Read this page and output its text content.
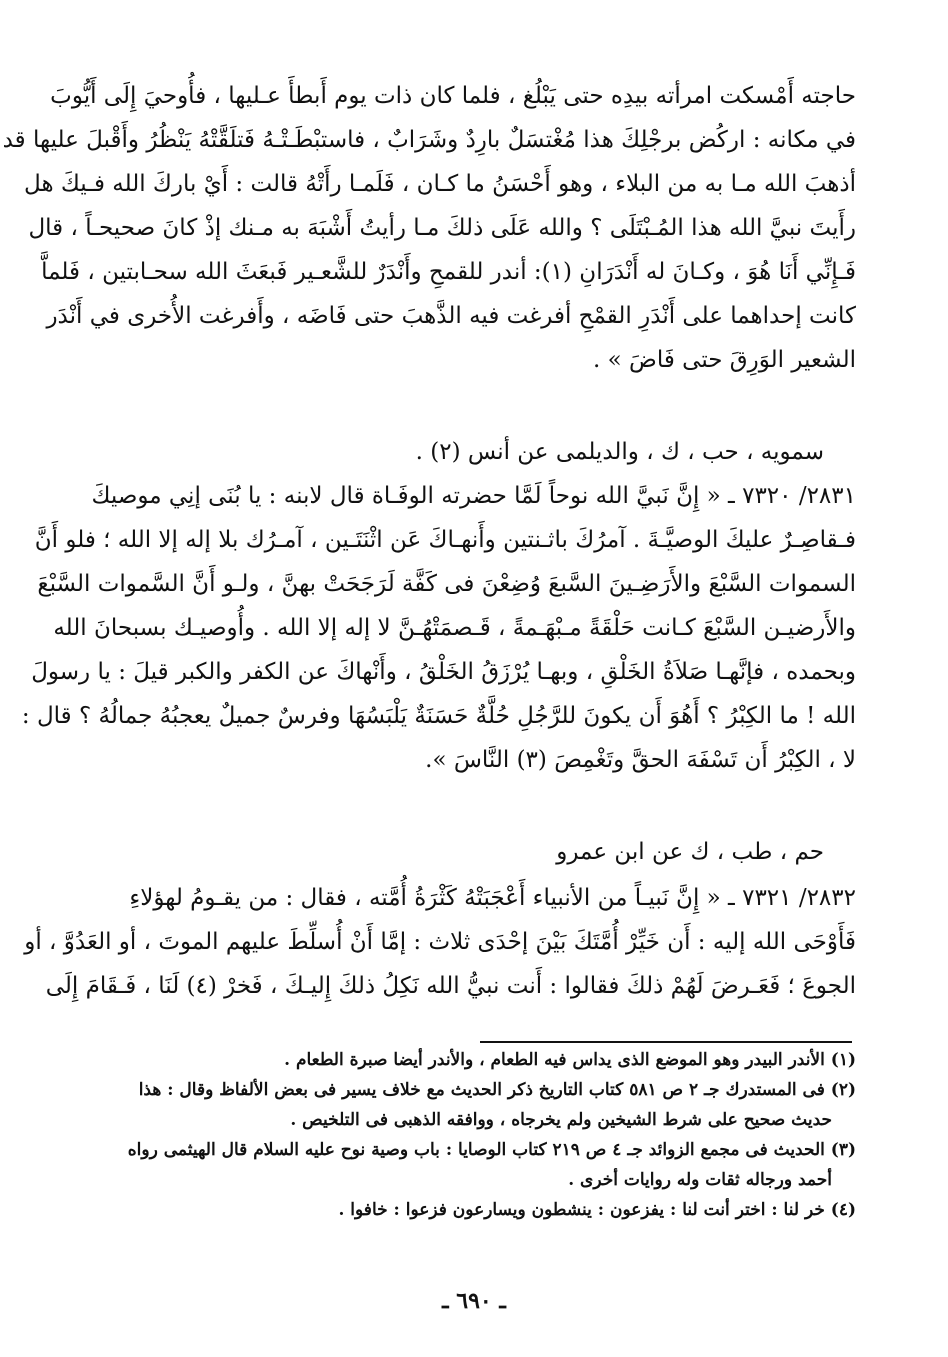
حاجته أَمْسكت امرأته بيدِه حتى يَبْلُغ ، فلما كان ذات يوم أَبطأَ عـليها ، فأُوحيَ إِلَى أَيُّوبَ
في مكانه : اركُض برجْلِكَ هذا مُغْتسَلٌ بارِدٌ وشَرَابٌ ، فاستبْطَـتْـهُ فَتلَقَّتْهُ يَنْظُرُ وأَقْبلَ عليها قد
أذهبَ الله مـا به من البلاء ، وهو أَحْسَنُ ما كـان ، فَلَمـا رأَتْهُ قالت : أَيْ باركَ الله فـيكَ هل
رأَيتَ نبيَّ الله هذا المُـبْتَلَى ؟ والله عَلَى ذلكَ مـا رأيتُ أَشْبَهَ به مـنك إذْ كانَ صحيحـاً ، قال
فَـإِنِّي أَنَا هُوَ ، وكـانَ له أَنْدَرَانِ (١): أندر للقمحِ وأَنْدَرٌ للشَّعـير فَبعَثَ الله سحـابتين ، فَلماَّ
كانت إحداهما على أَنْدَرِ القمْحِ أفرغت فيه الذَّهبَ حتى فَاضَه ، وأَفرغت الأُخرى في أَنْدَر
الشعير الوَرِقَ حتى فَاضَ » .
سمويه ، حب ، ك ، والديلمى عن أنس (٢) .
٢٨٣١/ ٧٣٢٠ ـ « إِنَّ نَبيَّ الله نوحاً لَمَّا حضرته الوفَـاة قال لابنه : يا بُنَى إنِي موصيكَ
فـقاصِـرٌ عليكَ الوصيَّـةَ . آمرُكَ باثـنتين وأَنهـاكَ عَن اثْنَتَـين ، آمـرُك بلا إله إلا الله ؛ فلو أَنَّ
السموات السَّبْعَ والأَرَضِـينَ السَّبعَ وُضِعْنَ فى كَفَّة لَرَجَحَتْ بهنَّ ، ولـو أَنَّ السَّموات السَّبْعَ
والأَرضيـن السَّبْعَ كـانت حَلْقَةً مـبْهَـمةً ، قَـصمَتْهُـنَّ لا إله إلا الله . وأُوصيـك بسبحانَ الله
وبحمده ، فإنَّهـا صَلاَةُ الخَلْقِ ، وبهـا يُرْزَقُ الخَلْقُ ، وأَنْهاكَ عن الكفر والكبر قيلَ : يا رسولَ
الله ! ما الكِبْرُ ؟ أَهُوَ أَن يكونَ للرَّجُلِ حُلَّةٌ حَسَنَةٌ يَلْبَسُهَا وفرسٌ جميلٌ يعجبُهُ جمالُهُ ؟ قال :
لا ، الكِبْرُ أَن تَسْفَهَ الحقَّ وتَغْمِصَ (٣) النَّاسَ ».
حم ، طب ، ك عن ابن عمرو
٢٨٣٢/ ٧٣٢١ ـ « إِنَّ نَبيـاً من الأنبياء أَعْجَبَتْهُ كَثْرَةُ أُمَّته ، فقال : من يقـومُ لهؤلاءِ
فَأَوْحَى الله إليه : أَن خَيِّرْ أُمَّتَكَ بَيْنَ إحْدَى ثلاث : إمَّا أَنْ أُسلِّطَ عليهم الموتَ ، أو العَدُوَّ ، أو
الجوعَ ؛ فَعَـرضَ لَهُمْ ذلكَ فقالوا : أَنت نبيُّ الله نَكِلُ ذلكَ إِليـكَ ، فَخرْ (٤) لَنَا ، فَـقَامَ إِلَى
(١) الأندر البيدر وهو الموضع الذى يداس فيه الطعام ، والأندر أيضا صبرة الطعام .
(٢) فى المستدرك جـ ٢ ص ٥٨١ كتاب التاريخ ذكر الحديث مع خلاف يسير فى بعض الألفاظ وقال : هذا
حديث صحيح على شرط الشيخين ولم يخرجاه ، ووافقه الذهبى فى التلخيص .
(٣) الحديث فى مجمع الزوائد جـ ٤ ص ٢١٩ كتاب الوصايا : باب وصية نوح عليه السلام قال الهيثمى رواه
أحمد ورجاله ثقات وله روايات أخرى .
(٤) خر لنا : اختر أنت لنا : يفزعون : ينشطون ويسارعون فزعوا : خافوا .
ـ ٦٩٠ ـ
